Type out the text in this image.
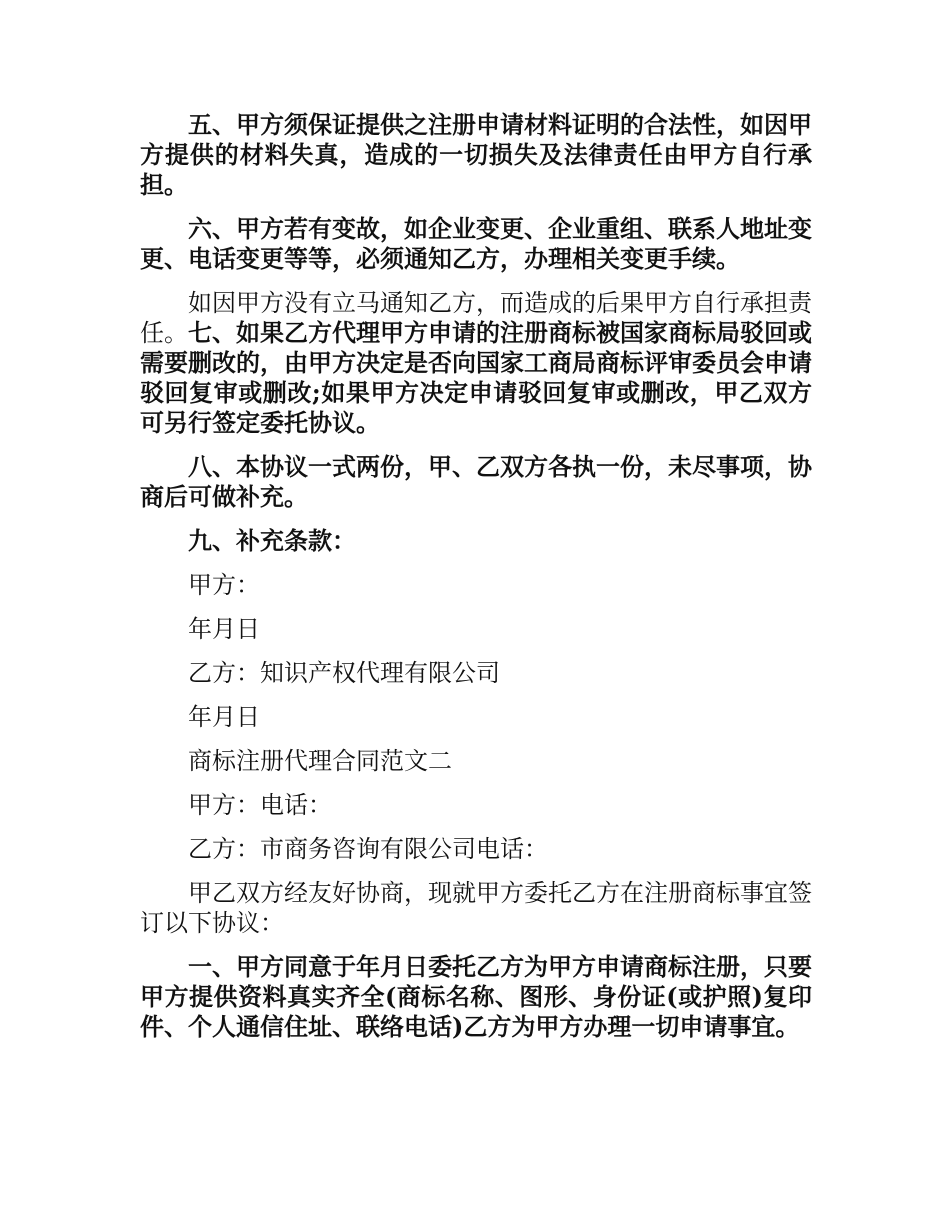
五、甲方须保证提供之注册申请材料证明的合法性，如因甲方提供的材料失真，造成的一切损失及法律责任由甲方自行承担。

六、甲方若有变故，如企业变更、企业重组、联系人地址变更、电话变更等等，必须通知乙方，办理相关变更手续。

如因甲方没有立马通知乙方，而造成的后果甲方自行承担责任。七、如果乙方代理甲方申请的注册商标被国家商标局驳回或需要删改的，由甲方决定是否向国家工商局商标评审委员会申请驳回复审或删改;如果甲方决定申请驳回复审或删改，甲乙双方可另行签定委托协议。

八、本协议一式两份，甲、乙双方各执一份，未尽事项，协商后可做补充。

九、补充条款：

甲方：

年月日

乙方：知识产权代理有限公司

年月日

商标注册代理合同范文二

甲方：电话：

乙方：市商务咨询有限公司电话：

甲乙双方经友好协商，现就甲方委托乙方在注册商标事宜签订以下协议：

一、甲方同意于年月日委托乙方为甲方申请商标注册，只要甲方提供资料真实齐全(商标名称、图形、身份证(或护照)复印件、个人通信住址、联络电话)乙方为甲方办理一切申请事宜。
